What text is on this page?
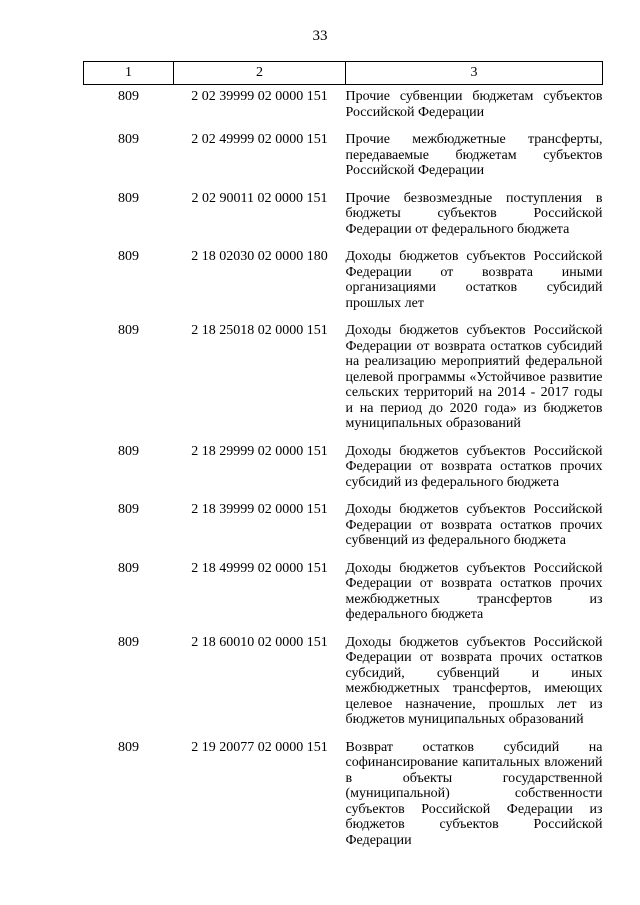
33
1	2	3
809	2 02 39999 02 0000 151	Прочие субвенции бюджетам субъектов Российской Федерации
809	2 02 49999 02 0000 151	Прочие межбюджетные трансферты, передаваемые бюджетам субъектов Российской Федерации
809	2 02 90011 02 0000 151	Прочие безвозмездные поступления в бюджеты субъектов Российской Федерации от федерального бюджета
809	2 18 02030 02 0000 180	Доходы бюджетов субъектов Российской Федерации от возврата иными организациями остатков субсидий прошлых лет
809	2 18 25018 02 0000 151	Доходы бюджетов субъектов Российской Федерации от возврата остатков субсидий на реализацию мероприятий федеральной целевой программы «Устойчивое развитие сельских территорий на 2014 - 2017 годы и на период до 2020 года» из бюджетов муниципальных образований
809	2 18 29999 02 0000 151	Доходы бюджетов субъектов Российской Федерации от возврата остатков прочих субсидий из федерального бюджета
809	2 18 39999 02 0000 151	Доходы бюджетов субъектов Российской Федерации от возврата остатков прочих субвенций из федерального бюджета
809	2 18 49999 02 0000 151	Доходы бюджетов субъектов Российской Федерации от возврата остатков прочих межбюджетных трансфертов из федерального бюджета
809	2 18 60010 02 0000 151	Доходы бюджетов субъектов Российской Федерации от возврата прочих остатков субсидий, субвенций и иных межбюджетных трансфертов, имеющих целевое назначение, прошлых лет из бюджетов муниципальных образований
809	2 19 20077 02 0000 151	Возврат остатков субсидий на софинансирование капитальных вложений в объекты государственной (муниципальной) собственности субъектов Российской Федерации из бюджетов субъектов Российской Федерации
